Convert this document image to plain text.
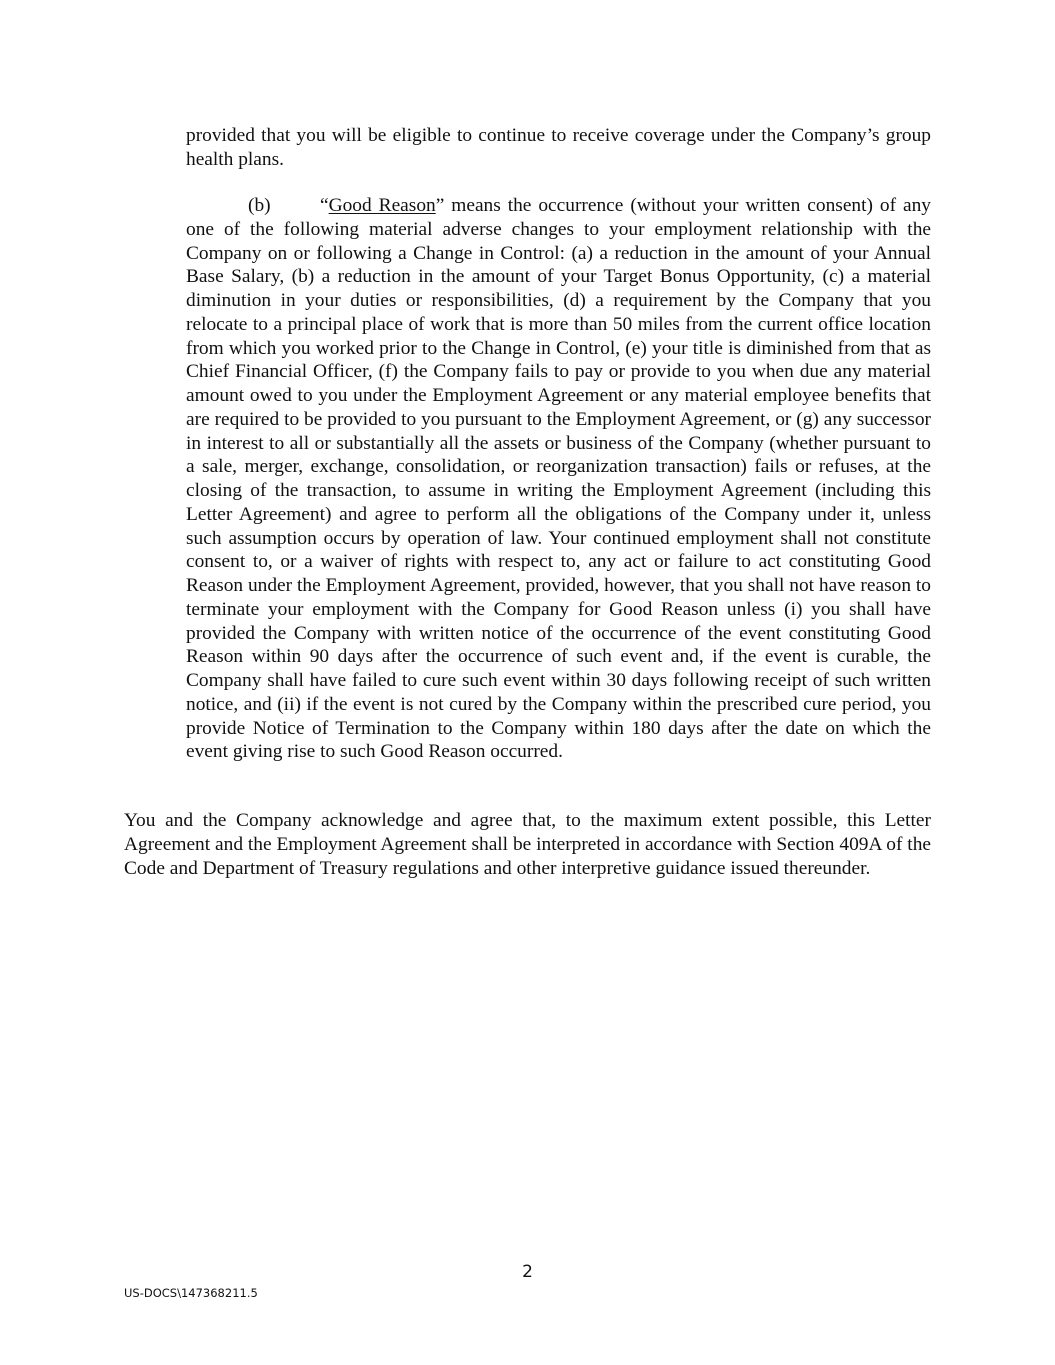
provided that you will be eligible to continue to receive coverage under the Company’s group health plans.

(b)	“Good Reason” means the occurrence (without your written consent) of any one of the following material adverse changes to your employment relationship with the Company on or following a Change in Control: (a) a reduction in the amount of your Annual Base Salary, (b) a reduction in the amount of your Target Bonus Opportunity, (c) a material diminution in your duties or responsibilities, (d) a requirement by the Company that you relocate to a principal place of work that is more than 50 miles from the current office location from which you worked prior to the Change in Control, (e) your title is diminished from that as Chief Financial Officer, (f) the Company fails to pay or provide to you when due any material amount owed to you under the Employment Agreement or any material employee benefits that are required to be provided to you pursuant to the Employment Agreement, or (g) any successor in interest to all or substantially all the assets or business of the Company (whether pursuant to a sale, merger, exchange, consolidation, or reorganization transaction) fails or refuses, at the closing of the transaction, to assume in writing the Employment Agreement (including this Letter Agreement) and agree to perform all the obligations of the Company under it, unless such assumption occurs by operation of law. Your continued employment shall not constitute consent to, or a waiver of rights with respect to, any act or failure to act constituting Good Reason under the Employment Agreement, provided, however, that you shall not have reason to terminate your employment with the Company for Good Reason unless (i) you shall have provided the Company with written notice of the occurrence of the event constituting Good Reason within 90 days after the occurrence of such event and, if the event is curable, the Company shall have failed to cure such event within 30 days following receipt of such written notice, and (ii) if the event is not cured by the Company within the prescribed cure period, you provide Notice of Termination to the Company within 180 days after the date on which the event giving rise to such Good Reason occurred.

You and the Company acknowledge and agree that, to the maximum extent possible, this Letter Agreement and the Employment Agreement shall be interpreted in accordance with Section 409A of the Code and Department of Treasury regulations and other interpretive guidance issued thereunder.

2
US-DOCS\147368211.5
